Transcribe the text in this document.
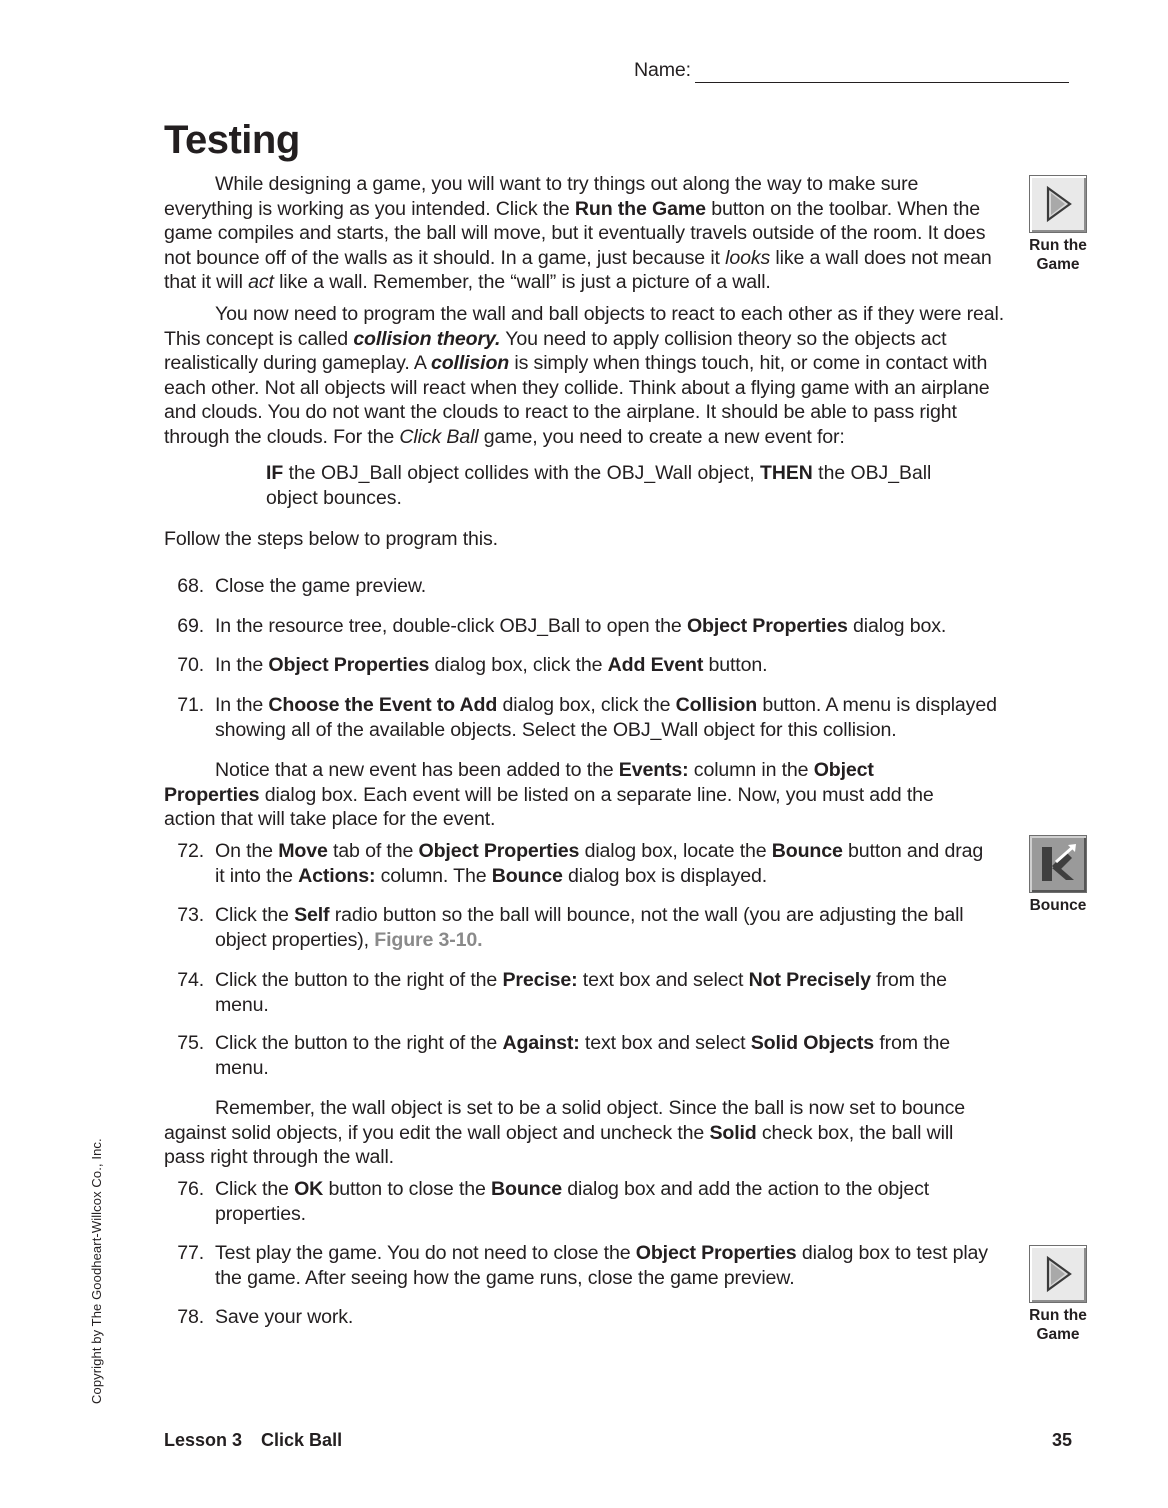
Name:
Testing

While designing a game, you will want to try things out along the way to make sure everything is working as you intended. Click the Run the Game button on the toolbar. When the game compiles and starts, the ball will move, but it eventually travels outside of the room. It does not bounce off of the walls as it should. In a game, just because it looks like a wall does not mean that it will act like a wall. Remember, the “wall” is just a picture of a wall.

You now need to program the wall and ball objects to react to each other as if they were real. This concept is called collision theory. You need to apply collision theory so the objects act realistically during gameplay. A collision is simply when things touch, hit, or come in contact with each other. Not all objects will react when they collide. Think about a flying game with an airplane and clouds. You do not want the clouds to react to the airplane. It should be able to pass right through the clouds. For the Click Ball game, you need to create a new event for:

IF the OBJ_Ball object collides with the OBJ_Wall object, THEN the OBJ_Ball object bounces.

Follow the steps below to program this.

68. Close the game preview.
69. In the resource tree, double-click OBJ_Ball to open the Object Properties dialog box.
70. In the Object Properties dialog box, click the Add Event button.
71. In the Choose the Event to Add dialog box, click the Collision button. A menu is displayed showing all of the available objects. Select the OBJ_Wall object for this collision.

Notice that a new event has been added to the Events: column in the Object Properties dialog box. Each event will be listed on a separate line. Now, you must add the action that will take place for the event.

72. On the Move tab of the Object Properties dialog box, locate the Bounce button and drag it into the Actions: column. The Bounce dialog box is displayed.
73. Click the Self radio button so the ball will bounce, not the wall (you are adjusting the ball object properties), Figure 3-10.
74. Click the button to the right of the Precise: text box and select Not Precisely from the menu.
75. Click the button to the right of the Against: text box and select Solid Objects from the menu.

Remember, the wall object is set to be a solid object. Since the ball is now set to bounce against solid objects, if you edit the wall object and uncheck the Solid check box, the ball will pass right through the wall.

76. Click the OK button to close the Bounce dialog box and add the action to the object properties.
77. Test play the game. You do not need to close the Object Properties dialog box to test play the game. After seeing how the game runs, close the game preview.
78. Save your work.
Run the
Game
Bounce
Run the
Game
Copyright by The Goodheart-Willcox Co., Inc.
Lesson 3 Click Ball	35
